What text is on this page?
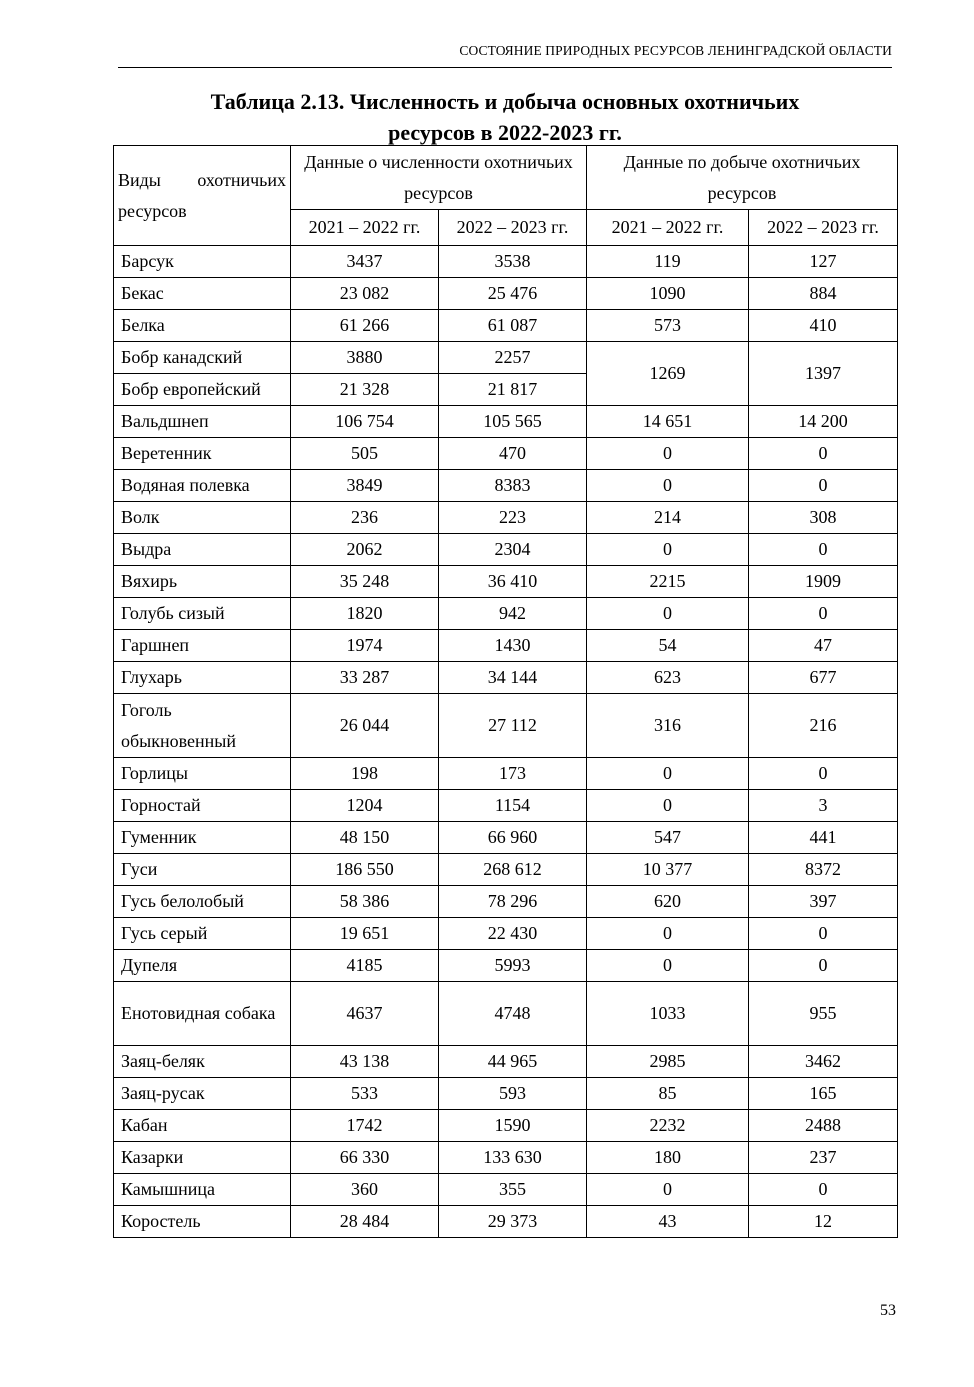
СОСТОЯНИЕ ПРИРОДНЫХ РЕСУРСОВ ЛЕНИНГРАДСКОЙ ОБЛАСТИ
Таблица 2.13. Численность и добыча основных охотничьих
ресурсов в 2022-2023 гг.
Виды охотничьих
ресурсов	Данные о численности охотничьих ресурсов		Данные по добыче охотничьих ресурсов	
	2021 – 2022 гг.	2022 – 2023 гг.	2021 – 2022 гг.	2022 – 2023 гг.
Барсук	3437	3538	119	127
Бекас	23 082	25 476	1090	884
Белка	61 266	61 087	573	410
Бобр канадский	3880	2257	1269	1397
Бобр европейский	21 328	21 817		
Вальдшнеп	106 754	105 565	14 651	14 200
Веретенник	505	470	0	0
Водяная полевка	3849	8383	0	0
Волк	236	223	214	308
Выдра	2062	2304	0	0
Вяхирь	35 248	36 410	2215	1909
Голубь сизый	1820	942	0	0
Гаршнеп	1974	1430	54	47
Глухарь	33 287	34 144	623	677
Гоголь обыкновенный	26 044	27 112	316	216
Горлицы	198	173	0	0
Горностай	1204	1154	0	3
Гуменник	48 150	66 960	547	441
Гуси	186 550	268 612	10 377	8372
Гусь белолобый	58 386	78 296	620	397
Гусь серый	19 651	22 430	0	0
Дупеля	4185	5993	0	0
Енотовидная собака	4637	4748	1033	955
Заяц-беляк	43 138	44 965	2985	3462
Заяц-русак	533	593	85	165
Кабан	1742	1590	2232	2488
Казарки	66 330	133 630	180	237
Камышница	360	355	0	0
Коростель	28 484	29 373	43	12
53
